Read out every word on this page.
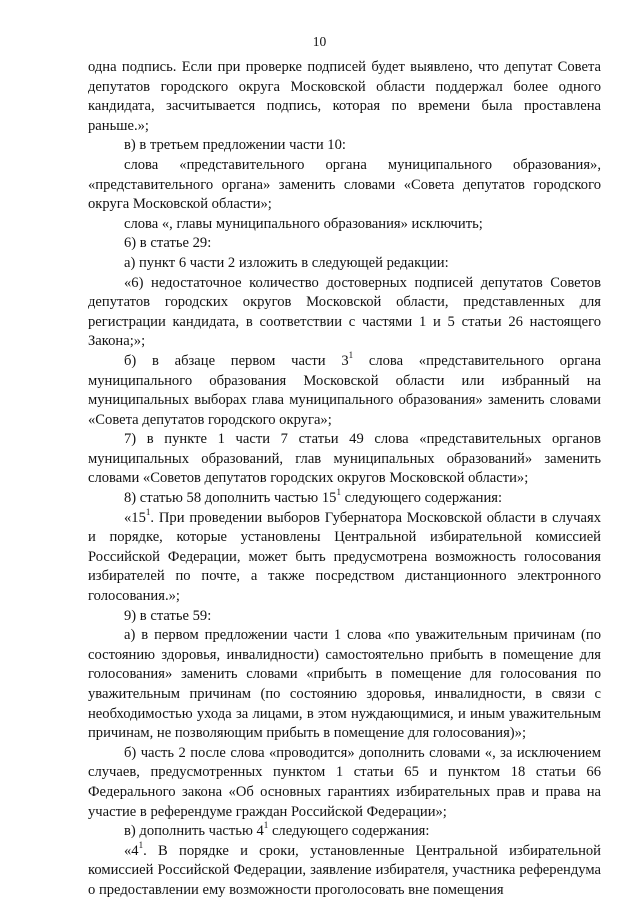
10

одна подпись. Если при проверке подписей будет выявлено, что депутат Совета депутатов городского округа Московской области поддержал более одного кандидата, засчитывается подпись, которая по времени была проставлена раньше.»;

в) в третьем предложении части 10:

слова «представительного органа муниципального образования», «представительного органа» заменить словами «Совета депутатов городского округа Московской области»;

слова «, главы муниципального образования» исключить;

6) в статье 29:

а) пункт 6 части 2 изложить в следующей редакции:

«6) недостаточное количество достоверных подписей депутатов Советов депутатов городских округов Московской области, представленных для регистрации кандидата, в соответствии с частями 1 и 5 статьи 26 настоящего Закона;»;

б) в абзаце первом части $3^1$ слова «представительного органа муниципального образования Московской области или избранный на муниципальных выборах глава муниципального образования» заменить словами «Совета депутатов городского округа»;

7) в пункте 1 части 7 статьи 49 слова «представительных органов муниципальных образований, глав муниципальных образований» заменить словами «Советов депутатов городских округов Московской области»;

8) статью 58 дополнить частью $15^1$ следующего содержания:

«$15^1$. При проведении выборов Губернатора Московской области в случаях и порядке, которые установлены Центральной избирательной комиссией Российской Федерации, может быть предусмотрена возможность голосования избирателей по почте, а также посредством дистанционного электронного голосования.»;

9) в статье 59:

а) в первом предложении части 1 слова «по уважительным причинам (по состоянию здоровья, инвалидности) самостоятельно прибыть в помещение для голосования» заменить словами «прибыть в помещение для голосования по уважительным причинам (по состоянию здоровья, инвалидности, в связи с необходимостью ухода за лицами, в этом нуждающимися, и иным уважительным причинам, не позволяющим прибыть в помещение для голосования)»;

б) часть 2 после слова «проводится» дополнить словами «, за исключением случаев, предусмотренных пунктом 1 статьи 65 и пунктом 18 статьи 66 Федерального закона «Об основных гарантиях избирательных прав и права на участие в референдуме граждан Российской Федерации»;

в) дополнить частью $4^1$ следующего содержания:

«$4^1$. В порядке и сроки, установленные Центральной избирательной комиссией Российской Федерации, заявление избирателя, участника референдума о предоставлении ему возможности проголосовать вне помещения
